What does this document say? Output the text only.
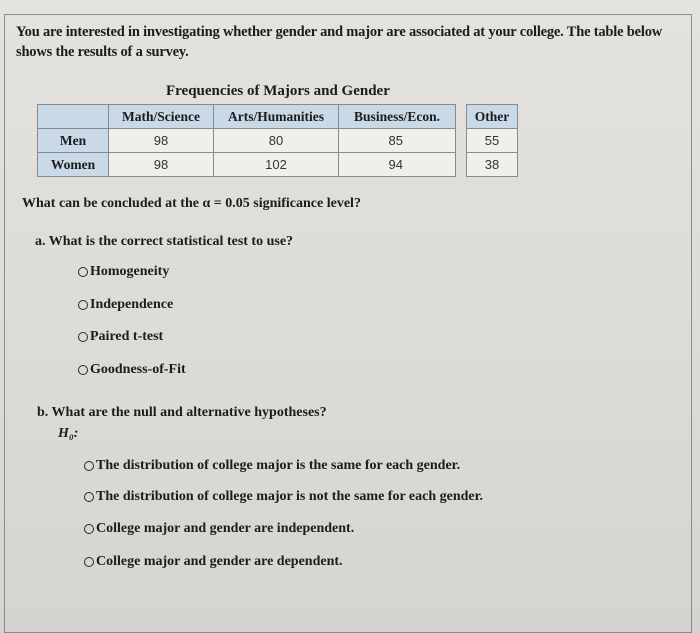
You are interested in investigating whether gender and major are associated at your college. The table below shows the results of a survey.
Frequencies of Majors and Gender
	Math/Science	Arts/Humanities	Business/Econ.		Other
Men	98	80	85		55
Women	98	102	94		38
What can be concluded at the α = 0.05 significance level?
a. What is the correct statistical test to use?
Homogeneity
Independence
Paired t-test
Goodness-of-Fit
b. What are the null and alternative hypotheses?
H₀:
The distribution of college major is the same for each gender.
The distribution of college major is not the same for each gender.
College major and gender are independent.
College major and gender are dependent.
